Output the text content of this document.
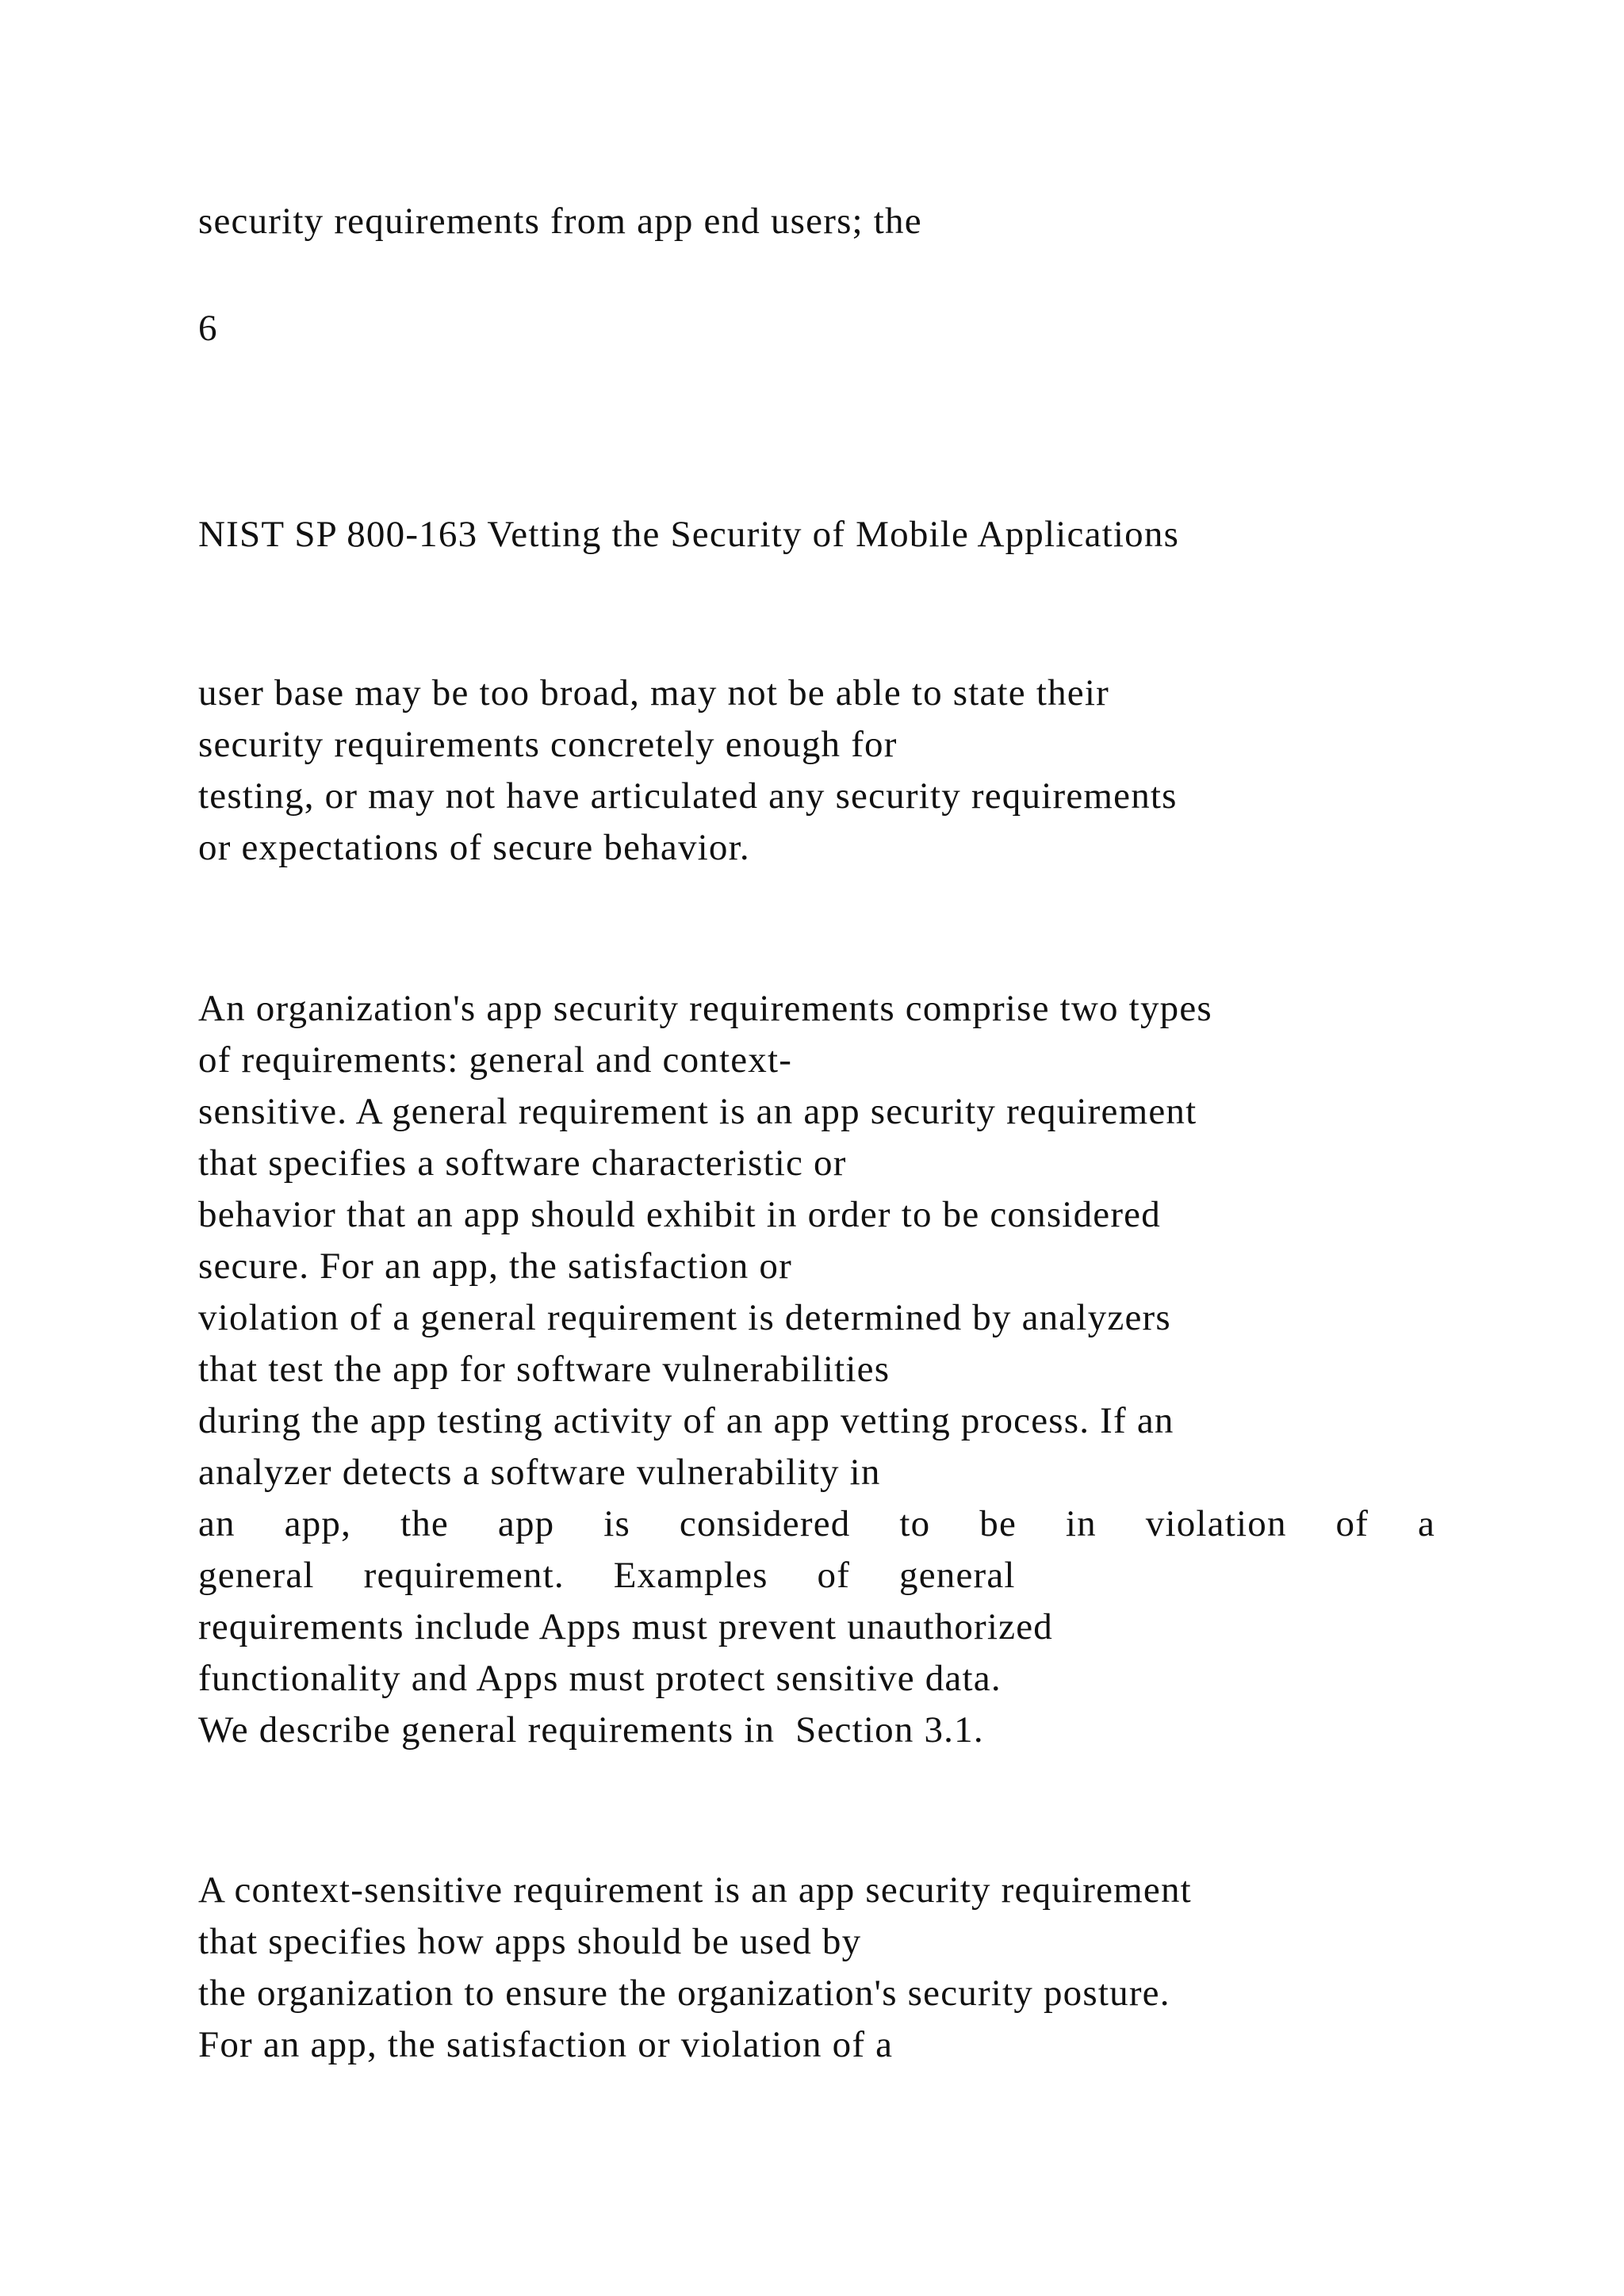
security requirements from app end users; the
6
NIST SP 800-163 Vetting the Security of Mobile Applications
user base may be too broad, may not be able to state their
security requirements concretely enough for
testing, or may not have articulated any security requirements
or expectations of secure behavior.
An organization's app security requirements comprise two types
of requirements: general and context-
sensitive. A general requirement is an app security requirement
that specifies a software characteristic or
behavior that an app should exhibit in order to be considered
secure. For an app, the satisfaction or
violation of a general requirement is determined by analyzers
that test the app for software vulnerabilities
during the app testing activity of an app vetting process. If an
analyzer detects a software vulnerability in
an  app,  the  app  is  considered  to  be  in  violation  of  a
general  requirement.  Examples  of  general
requirements include Apps must prevent unauthorized
functionality and Apps must protect sensitive data.
We describe general requirements in  Section 3.1.
A context-sensitive requirement is an app security requirement
that specifies how apps should be used by
the organization to ensure the organization's security posture.
For an app, the satisfaction or violation of a
